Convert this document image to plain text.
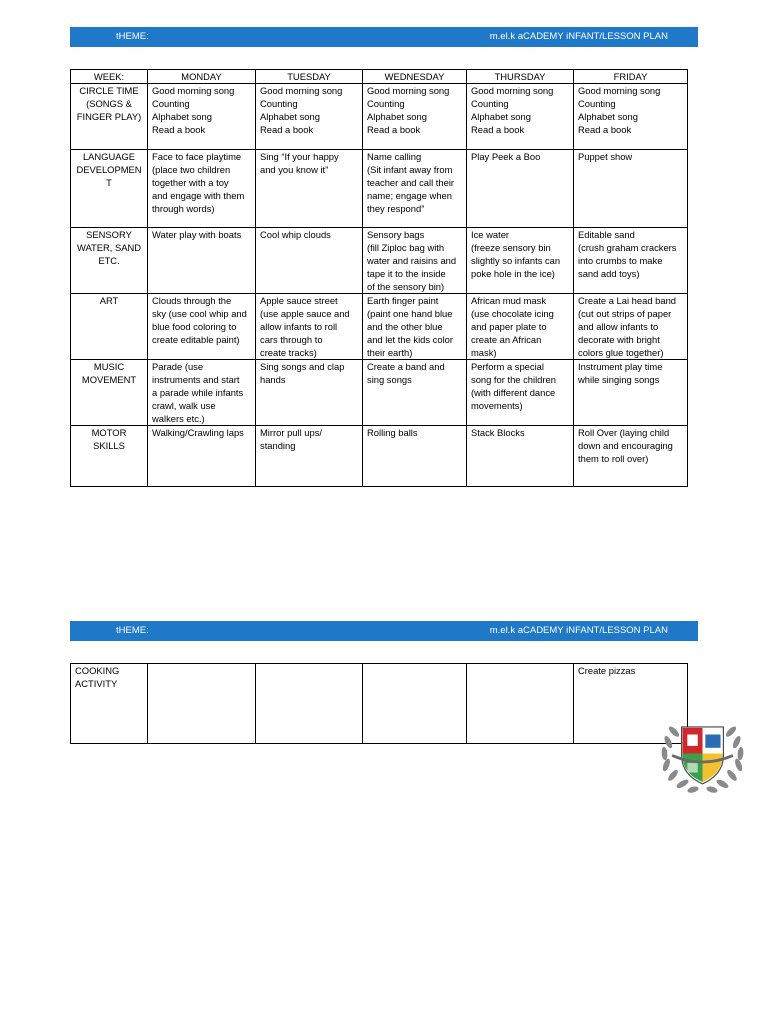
tHEME:	m.el.k aCADEMY iNFANT/LESSON PLAN
WEEK:	MONDAY	TUESDAY	WEDNESDAY	THURSDAY	FRIDAY
CIRCLE TIME
(SONGS &
FINGER PLAY)	Good morning song
Counting
Alphabet song
Read a book	Good morning song
Counting
Alphabet song
Read a book	Good morning song
Counting
Alphabet song
Read a book	Good morning song
Counting
Alphabet song
Read a book	Good morning song
Counting
Alphabet song
Read a book
LANGUAGE
DEVELOPMEN
T	Face to face playtime
(place two children
together with a toy
and engage with them
through words)	Sing “If your happy
and you know it”	Name calling
(Sit infant away from
teacher and call their
name; engage when
they respond”	Play Peek a Boo	Puppet show
SENSORY
WATER, SAND
ETC.	Water play with boats	Cool whip clouds	Sensory bags
(fill Ziploc bag with
water and raisins and
tape it to the inside
of the sensory bin)	Ice water
(freeze sensory bin
slightly so infants can
poke hole in the ice)	Editable sand
(crush graham crackers
into crumbs to make
sand add toys)
ART	Clouds through the
sky (use cool whip and
blue food coloring to
create editable paint)	Apple sauce street
(use apple sauce and
allow infants to roll
cars through to
create tracks)	Earth finger paint
(paint one hand blue
and the other blue
and let the kids color
their earth)	African mud mask
(use chocolate icing
and paper plate to
create an African
mask)	Create a Lai head band
(cut out strips of paper
and allow infants to
decorate with bright
colors glue together)
MUSIC
MOVEMENT	Parade (use
instruments and start
a parade while infants
crawl, walk use
walkers etc.)	Sing songs and clap
hands	Create a band and
sing songs	Perform a special
song for the children
(with different dance
movements)	Instrument play time
while singing songs
MOTOR SKILLS	Walking/Crawling laps	Mirror pull ups/
standing	Rolling balls	Stack Blocks	Roll Over (laying child
down and encouraging
them to roll over)
tHEME:	m.el.k aCADEMY iNFANT/LESSON PLAN
COOKING
ACTIVITY					Create pizzas
